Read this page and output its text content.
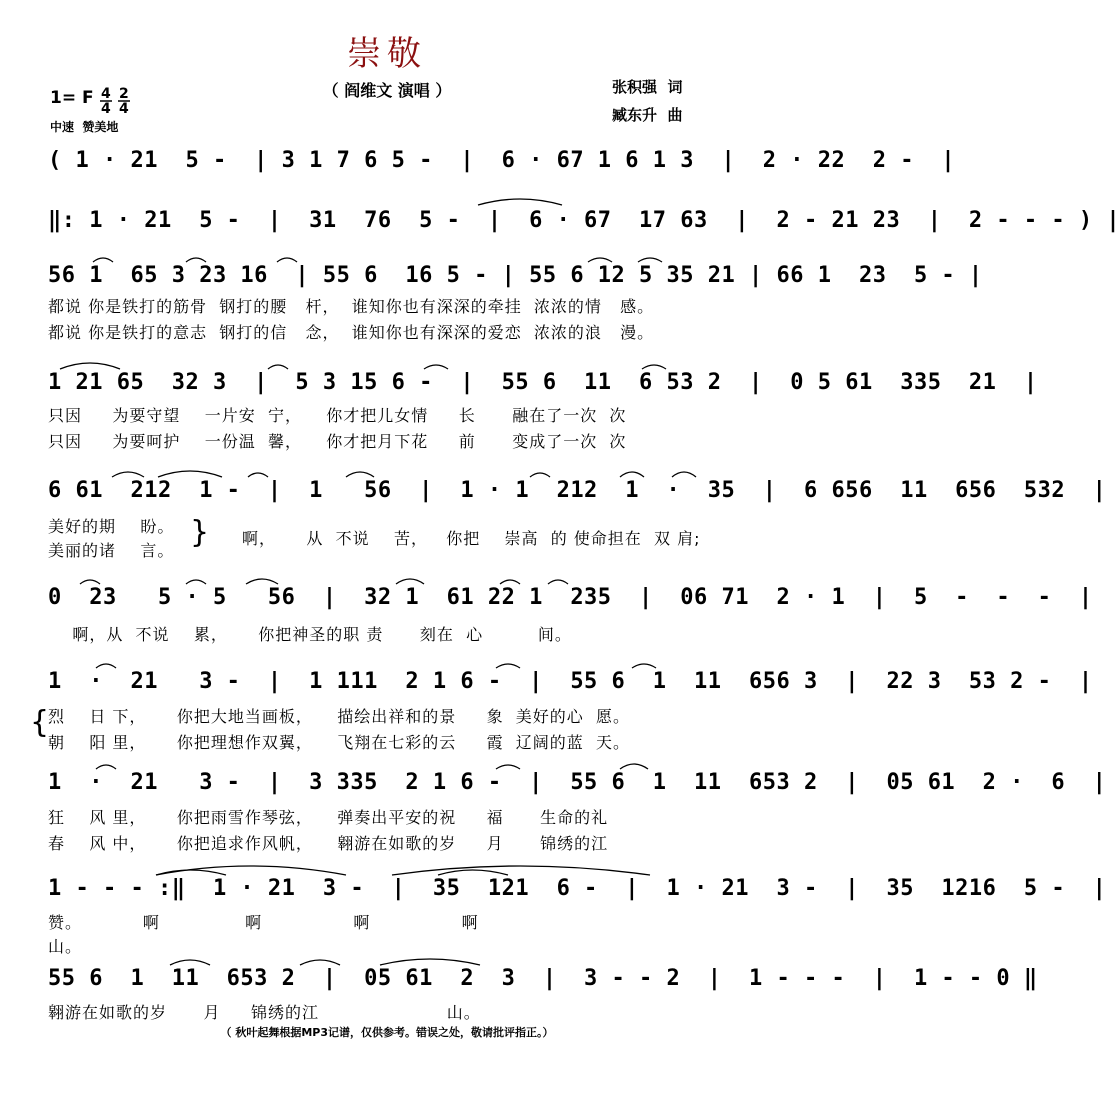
崇敬
（ 阎维文 演唱 ）	张积强  词
臧东升  曲
1= F 4
4
2
4
中速  赞美地
( 1 · 21  5 -  | 3 1 7 6 5 -  |  6 · 67 1 6 1 3  |  2 · 22  2 -  |
‖: 1 · 21  5 -  |  31  76  5 -  |  6 · 67  17 63  |  2 - 21 23  |  2 - - - ) |
56 1  65 3 23 16  | 55 6  16 5 - | 55 6 12 5 35 21 | 66 1  23  5 - |
都说 你是铁打的筋骨  钢打的腰   杆，  谁知你也有深深的牵挂  浓浓的情   感。
都说 你是铁打的意志  钢打的信   念，  谁知你也有深深的爱恋  浓浓的浪   漫。
1 21 65  32 3  |  5 3 15 6 -  |  55 6  11  6 53 2  |  0 5 61  335  21  |
只因     为要守望    一片安  宁，    你才把儿女情     长      融在了一次  次
只因     为要呵护    一份温  馨，    你才把月下花     前      变成了一次  次
6 61  212  1 -  |  1   56  |  1 · 1  212  1  ·  35  |  6 656  11  656  532  |
美好的期    盼。
美丽的诸    言。
} 啊，     从  不说    苦，   你把    崇高  的 使命担在  双 肩;
0  23   5 · 5   56  |  32 1  61 22 1  235  |  06 71  2 · 1  |  5  -  -  -  |
啊，从  不说    累，     你把神圣的职 责      刻在  心         间。
1  ·  21   3 -  |  1 111  2 1 6 -  |  55 6  1  11  656 3  |  22 3  53 2 -  |
{
烈    日 下，     你把大地当画板，    描绘出祥和的景     象  美好的心  愿。
朝    阳 里，     你把理想作双翼，    飞翔在七彩的云     霞  辽阔的蓝  天。
1  ·  21   3 -  |  3 335  2 1 6 -  |  55 6  1  11  653 2  |  05 61  2 ·  6  |
狂    风 里，     你把雨雪作琴弦，    弹奏出平安的祝     福      生命的礼
春    风 中，     你把追求作风帆，    翱游在如歌的岁     月      锦绣的江
1 - - - :‖  1 · 21  3 -  |  35  121  6 -  |  1 · 21  3 -  |  35  1216  5 -  |
赞。          啊              啊               啊               啊
山。
55 6  1  11  653 2  |  05 61  2  3  |  3 - - 2  |  1 - - -  |  1 - - 0 ‖
翱游在如歌的岁      月     锦绣的江                     山。
（ 秋叶起舞根据MP3记谱，仅供参考。错误之处，敬请批评指正。）
